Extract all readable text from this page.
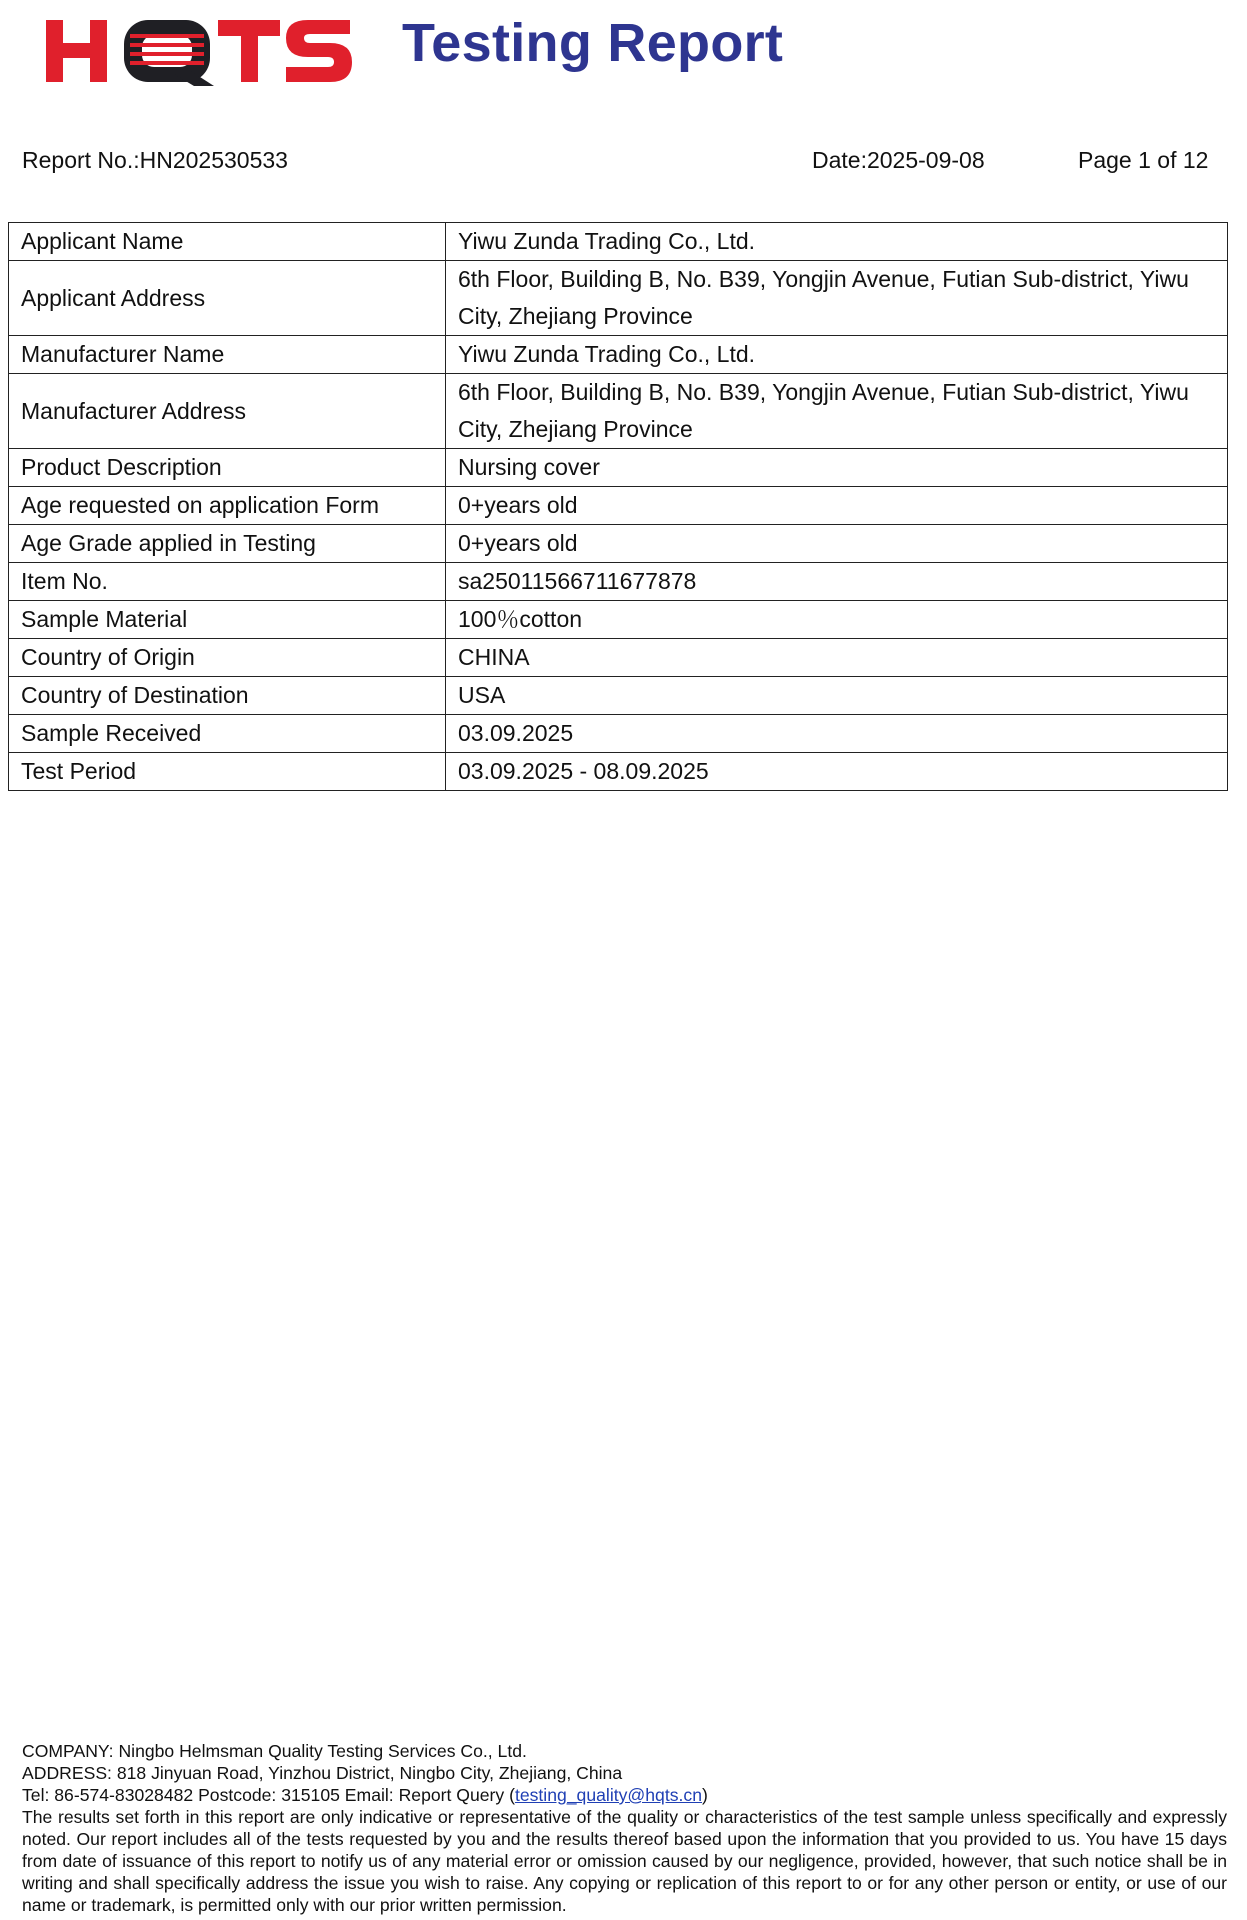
Testing Report
Report No.:HN202530533	Date:2025-09-08	Page 1 of 12
Applicant Name	Yiwu Zunda Trading Co., Ltd.
Applicant Address	6th Floor, Building B, No. B39, Yongjin Avenue, Futian Sub-district, Yiwu City, Zhejiang Province
Manufacturer Name	Yiwu Zunda Trading Co., Ltd.
Manufacturer Address	6th Floor, Building B, No. B39, Yongjin Avenue, Futian Sub-district, Yiwu City, Zhejiang Province
Product Description	Nursing cover
Age requested on application Form	0+years old
Age Grade applied in Testing	0+years old
Item No.	sa25011566711677878
Sample Material	100％cotton
Country of Origin	CHINA
Country of Destination	USA
Sample Received	03.09.2025
Test Period	03.09.2025 - 08.09.2025
COMPANY: Ningbo Helmsman Quality Testing Services Co., Ltd.
ADDRESS: 818 Jinyuan Road, Yinzhou District, Ningbo City, Zhejiang, China
Tel: 86-574-83028482 Postcode: 315105 Email: Report Query (testing_quality@hqts.cn)
The results set forth in this report are only indicative or representative of the quality or characteristics of the test sample unless specifically and expressly noted. Our report includes all of the tests requested by you and the results thereof based upon the information that you provided to us. You have 15 days from date of issuance of this report to notify us of any material error or omission caused by our negligence, provided, however, that such notice shall be in writing and shall specifically address the issue you wish to raise. Any copying or replication of this report to or for any other person or entity, or use of our name or trademark, is permitted only with our prior written permission.
